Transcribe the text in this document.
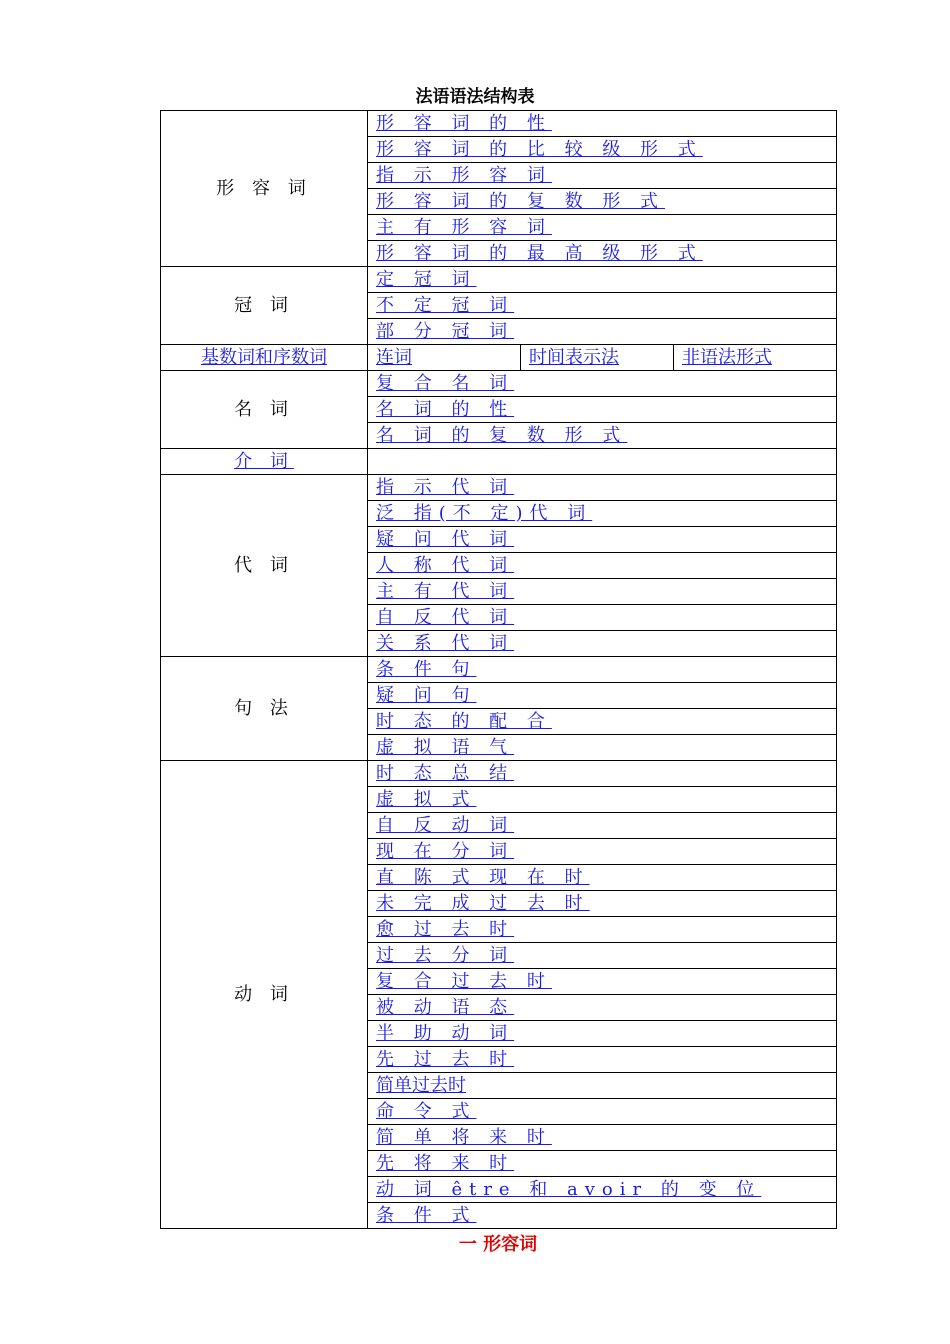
法语语法结构表
形 容 词	形 容 词 的 性		
	形 容 词 的 比 较 级 形 式		
	指 示 形 容 词		
	形 容 词 的 复 数 形 式		
	主 有 形 容 词		
	形 容 词 的 最 高 级 形 式		
冠 词	定 冠 词		
	不 定 冠 词		
	部 分 冠 词		
基数词和序数词	连词	时间表示法	非语法形式
名 词	复 合 名 词		
	名 词 的 性		
	名 词 的 复 数 形 式		
介 词			
代 词	指 示 代 词		
	泛 指(不 定)代 词		
	疑 问 代 词		
	人 称 代 词		
	主 有 代 词		
	自 反 代 词		
	关 系 代 词		
句 法	条 件 句		
	疑 问 句		
	时 态 的 配 合		
	虚 拟 语 气		
动 词	时 态 总 结		
	虚 拟 式		
	自 反 动 词		
	现 在 分 词		
	直 陈 式 现 在 时		
	未 完 成 过 去 时		
	愈 过 去 时		
	过 去 分 词		
	复 合 过 去 时		
	被 动 语 态		
	半 助 动 词		
	先 过 去 时		
	简单过去时		
	命 令 式		
	简 单 将 来 时		
	先 将 来 时		
	动 词 être 和 avoir 的 变 位		
	条 件 式		
一 形容词
